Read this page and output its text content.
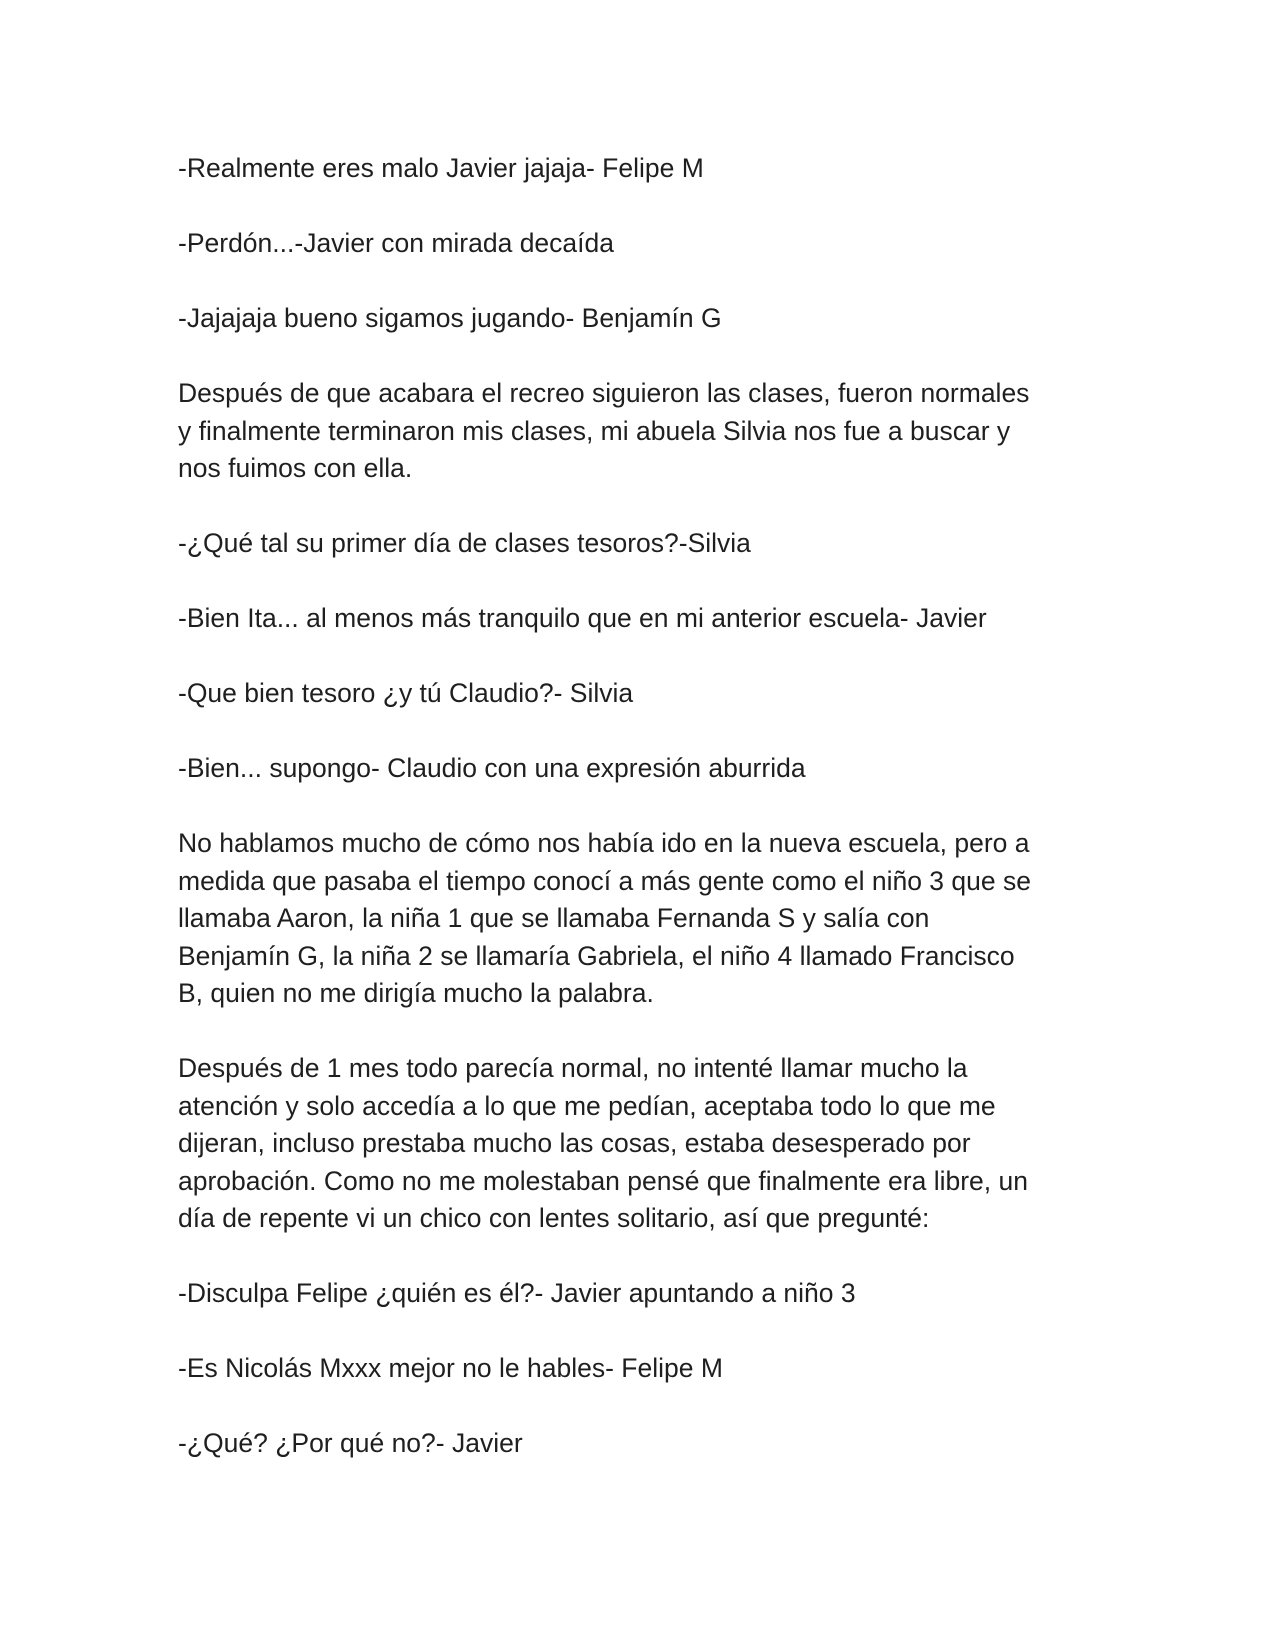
-Realmente eres malo Javier jajaja- Felipe M

-Perdón...-Javier con mirada decaída

-Jajajaja bueno sigamos jugando- Benjamín G

Después de que acabara el recreo siguieron las clases, fueron normales
y finalmente terminaron mis clases, mi abuela Silvia nos fue a buscar y
nos fuimos con ella.

-¿Qué tal su primer día de clases tesoros?-Silvia

-Bien Ita... al menos más tranquilo que en mi anterior escuela- Javier

-Que bien tesoro ¿y tú Claudio?- Silvia

-Bien... supongo- Claudio con una expresión aburrida

No hablamos mucho de cómo nos había ido en la nueva escuela, pero a
medida que pasaba el tiempo conocí a más gente como el niño 3 que se
llamaba Aaron, la niña 1 que se llamaba Fernanda S y salía con
Benjamín G, la niña 2 se llamaría Gabriela, el niño 4 llamado Francisco
B, quien no me dirigía mucho la palabra.

Después de 1 mes todo parecía normal, no intenté llamar mucho la
atención y solo accedía a lo que me pedían, aceptaba todo lo que me
dijeran, incluso prestaba mucho las cosas, estaba desesperado por
aprobación. Como no me molestaban pensé que finalmente era libre, un
día de repente vi un chico con lentes solitario, así que pregunté:

-Disculpa Felipe ¿quién es él?- Javier apuntando a niño 3

-Es Nicolás Mxxx mejor no le hables- Felipe M

-¿Qué? ¿Por qué no?- Javier
